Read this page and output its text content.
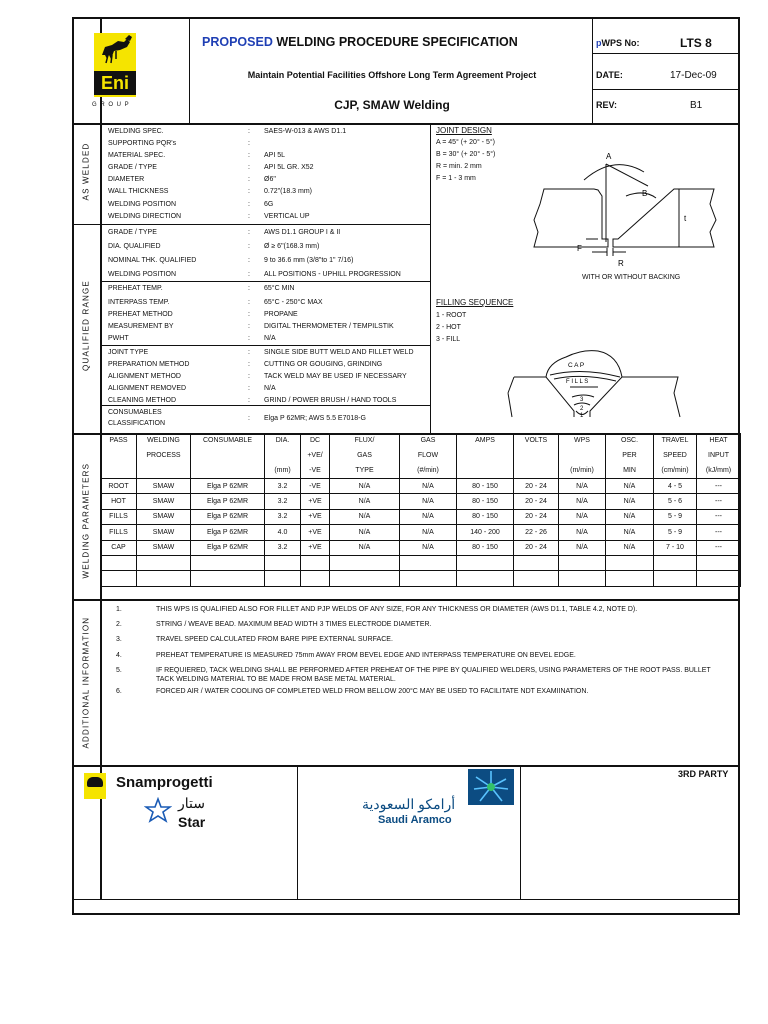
Eni
G R O U P
PROPOSED WELDING PROCEDURE SPECIFICATION
Maintain Potential Facilities Offshore Long Term Agreement Project
CJP, SMAW Welding
pWPS No:	LTS 8
DATE:	17-Dec-09
REV:	B1
AS WELDED
QUALIFIED RANGE
WELDING SPEC.	: SAES-W-013 & AWS D1.1
SUPPORTING PQR's	:
MATERIAL SPEC.	: API 5L
GRADE / TYPE	: API 5L GR. X52
DIAMETER	: Ø6"
WALL THICKNESS	: 0.72"(18.3 mm)
WELDING POSITION	: 6G
WELDING DIRECTION	: VERTICAL UP
GRADE / TYPE	: AWS D1.1 GROUP I & II
DIA. QUALIFIED	: Ø ≥ 6"(168.3 mm)
NOMINAL THK. QUALIFIED	: 9 to 36.6 mm (3/8"to 1" 7/16)
WELDING POSITION	: ALL POSITIONS - UPHILL PROGRESSION
PREHEAT TEMP.	: 65°C MIN
INTERPASS TEMP.	: 65°C - 250°C MAX
PREHEAT METHOD	: PROPANE
MEASUREMENT BY	: DIGITAL THERMOMETER / TEMPILSTIK
PWHT	: N/A
JOINT TYPE	: SINGLE SIDE BUTT WELD AND FILLET WELD
PREPARATION METHOD	: CUTTING OR GOUGING, GRINDING
ALIGNMENT METHOD	: TACK WELD MAY BE USED IF NECESSARY
ALIGNMENT REMOVED	: N/A
CLEANING METHOD	: GRIND / POWER BRUSH / HAND TOOLS
CONSUMABLES
CLASSIFICATION
: Elga P 62MR; AWS 5.5 E7018-G
JOINT DESIGN
A = 45° (+ 20° - 5°)
B = 30° (+ 20° - 5°)
R = min. 2 mm
F = 1 - 3 mm
A
B
t
F
R
WITH OR WITHOUT BACKING
FILLING SEQUENCE
1 - ROOT
2 - HOT
3 - FILL
C A P
F I L L S
3
2
1
WELDING PARAMETERS
PASS	WELDING	CONSUMABLE	DIA.	DC	FLUX/	GAS	AMPS	VOLTS	WPS	OSC.	TRAVEL	HEAT
	PROCESS			+VE/	GAS	FLOW				PER	SPEED	INPUT
			(mm)	-VE	TYPE	(#/min)			(m/min)	MIN	(cm/min)	(kJ/mm)
ROOT	SMAW	Elga P 62MR	3.2	-VE	N/A	N/A	80 - 150	20 - 24	N/A	N/A	4 - 5	---
HOT	SMAW	Elga P 62MR	3.2	+VE	N/A	N/A	80 - 150	20 - 24	N/A	N/A	5 - 6	---
FILLS	SMAW	Elga P 62MR	3.2	+VE	N/A	N/A	80 - 150	20 - 24	N/A	N/A	5 - 9	---
FILLS	SMAW	Elga P 62MR	4.0	+VE	N/A	N/A	140 - 200	22 - 26	N/A	N/A	5 - 9	---
CAP	SMAW	Elga P 62MR	3.2	+VE	N/A	N/A	80 - 150	20 - 24	N/A	N/A	7 - 10	---

ADDITIONAL INFORMATION
1.	THIS WPS IS QUALIFIED ALSO FOR FILLET AND PJP WELDS OF ANY SIZE, FOR ANY THICKNESS OR DIAMETER (AWS D1.1, TABLE 4.2, NOTE D).
2.	STRING / WEAVE BEAD. MAXIMUM BEAD WIDTH 3 TIMES ELECTRODE DIAMETER.
3.	TRAVEL SPEED CALCULATED FROM BARE PIPE EXTERNAL SURFACE.
4.	PREHEAT TEMPERATURE IS MEASURED 75mm AWAY FROM BEVEL EDGE AND INTERPASS TEMPERATURE ON BEVEL EDGE.
5.	IF REQUIERED, TACK WELDING SHALL BE PERFORMED AFTER PREHEAT OF THE PIPE BY QUALIFIED WELDERS, USING PARAMETERS OF THE ROOT PASS. BULLET
TACK WELDING MATERIAL TO BE MADE FROM BASE METAL MATERIAL.
6.	FORCED AIR / WATER COOLING OF COMPLETED WELD FROM BELLOW 200°C MAY BE USED TO FACILITATE NDT EXAMIINATION.
Snamprogetti
ستار
Star
أرامكو السعودية
Saudi Aramco
3RD PARTY
